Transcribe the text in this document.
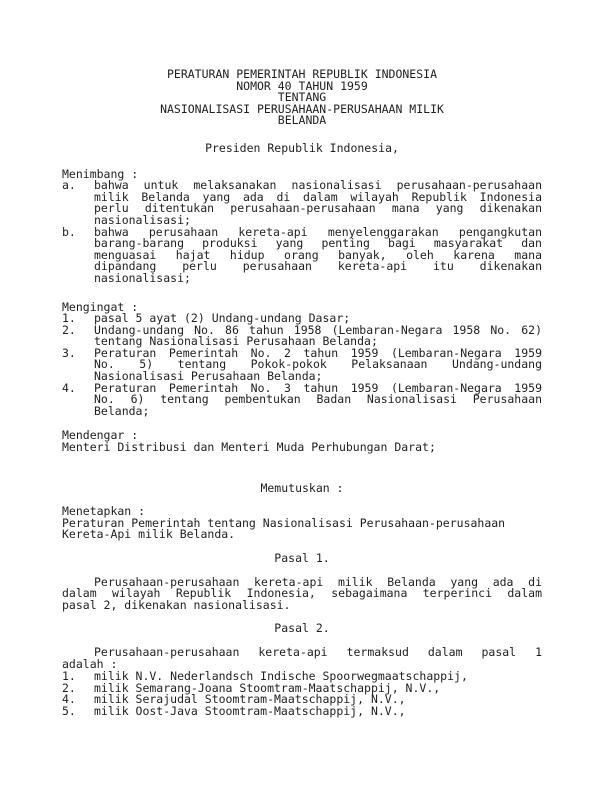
PERATURAN PEMERINTAH REPUBLIK INDONESIA
NOMOR 40 TAHUN 1959
TENTANG
NASIONALISASI PERUSAHAAN-PERUSAHAAN MILIK
BELANDA
Presiden Republik Indonesia,
Menimbang :
a.	bahwa untuk melaksanakan nasionalisasi perusahaan-perusahaan
milik Belanda yang ada di dalam wilayah Republik Indonesia
perlu ditentukan perusahaan-perusahaan mana yang dikenakan
nasionalisasi;
b.	bahwa perusahaan kereta-api menyelenggarakan pengangkutan
barang-barang produksi yang penting bagi masyarakat dan
menguasai hajat hidup orang banyak, oleh karena mana
dipandang perlu perusahaan kereta-api itu dikenakan
nasionalisasi;
Mengingat :
1.	pasal 5 ayat (2) Undang-undang Dasar;
2.	Undang-undang No. 86 tahun 1958 (Lembaran-Negara 1958 No. 62)
tentang Nasionalisasi Perusahaan Belanda;
3.	Peraturan Pemerintah No. 2 tahun 1959 (Lembaran-Negara 1959
No. 5) tentang Pokok-pokok Pelaksanaan Undang-undang
Nasionalisasi Perusahaan Belanda;
4.	Peraturan Pemerintah No. 3 tahun 1959 (Lembaran-Negara 1959
No. 6) tentang pembentukan Badan Nasionalisasi Perusahaan
Belanda;
Mendengar :
Menteri Distribusi dan Menteri Muda Perhubungan Darat;
Memutuskan :
Menetapkan :
Peraturan Pemerintah tentang Nasionalisasi Perusahaan-perusahaan
Kereta-Api milik Belanda.
Pasal 1.
Perusahaan-perusahaan kereta-api milik Belanda yang ada di
dalam wilayah Republik Indonesia, sebagaimana terperinci dalam
pasal 2, dikenakan nasionalisasi.
Pasal 2.
Perusahaan-perusahaan kereta-api termaksud dalam pasal 1
adalah :
1.	milik N.V. Nederlandsch Indische Spoorwegmaatschappij,
2.	milik Semarang-Joana Stoomtram-Maatschappij, N.V.,
4.	milik Serajudal Stoomtram-Maatschappij, N.V.,
5.	milik Oost-Java Stoomtram-Maatschappij, N.V.,
